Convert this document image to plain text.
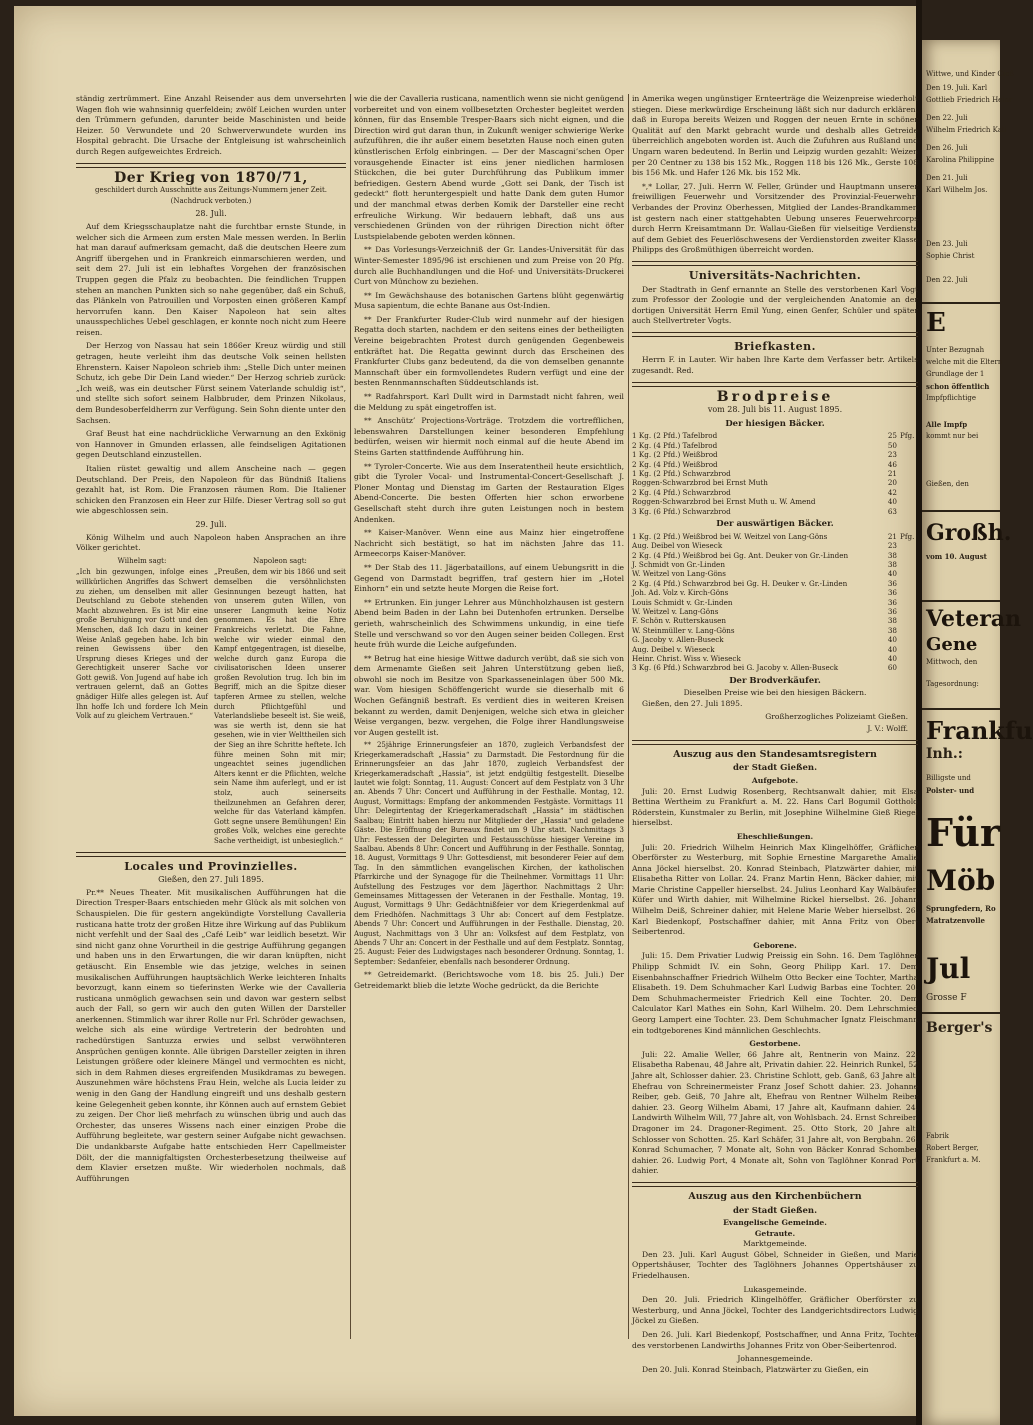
ständig zertrümmert. Eine Anzahl Reisender aus dem unversehrten Wagen floh wie wahnsinnig querfeldein; zwölf Leichen wurden unter den Trümmern gefunden, darunter beide Maschinisten und beide Heizer. 50 Verwundete und 20 Schwerverwundete wurden ins Hospital gebracht. Die Ursache der Entgleisung ist wahrscheinlich durch Regen aufgeweichtes Erdreich.

Der Krieg von 1870/71,
geschildert durch Ausschnitte aus Zeitungs-Nummern jener Zeit. (Nachdruck verboten.)
28. Juli.

Auf dem Kriegsschauplatze naht die furchtbar ernste Stunde, in welcher sich die Armeen zum ersten Male messen werden. In Berlin hat man darauf aufmerksam gemacht, daß die deutschen Heere zum Angriff übergehen und in Frankreich einmarschieren werden, und seit dem 27. Juli ist ein lebhaftes Vorgehen der französischen Truppen gegen die Pfalz zu beobachten. Die feindlichen Truppen stehen an manchen Punkten sich so nahe gegenüber, daß ein Schuß, das Plänkeln von Patrouillen und Vorposten einen größeren Kampf hervorrufen kann. Den Kaiser Napoleon hat sein altes unausspechliches Uebel geschlagen, er konnte noch nicht zum Heere reisen.

Der Herzog von Nassau hat sein 1866er Kreuz würdig und still getragen, heute verleiht ihm das deutsche Volk seinen hellsten Ehrenstern. Kaiser Napoleon schrieb ihm: „Stelle Dich unter meinen Schutz, ich gebe Dir Dein Land wieder.“ Der Herzog schrieb zurück: „Ich weiß, was ein deutscher Fürst seinem Vaterlande schuldig ist“, und stellte sich sofort seinem Halbbruder, dem Prinzen Nikolaus, dem Bundesoberfeldherrn zur Verfügung. Sein Sohn diente unter den Sachsen.

Graf Beust hat eine nachdrückliche Verwarnung an den Exkönig von Hannover in Gmunden erlassen, alle feindseligen Agitationen gegen Deutschland einzustellen.

Italien rüstet gewaltig und allem Anscheine nach — gegen Deutschland. Der Preis, den Napoleon für das Bündniß Italiens gezahlt hat, ist Rom. Die Franzosen räumen Rom. Die Italiener schicken den Franzosen ein Heer zur Hilfe. Dieser Vertrag soll so gut wie abgeschlossen sein.

29. Juli.

König Wilhelm und auch Napoleon haben Ansprachen an ihre Völker gerichtet.

Wilhelm sagt:
„Ich bin gezwungen, infolge eines willkürlichen Angriffes das Schwert zu ziehen, um denselben mit aller Deutschland zu Gebote stehenden Macht abzuwehren. Es ist Mir eine große Beruhigung vor Gott und den Menschen, daß Ich dazu in keiner Weise Anlaß gegeben habe. Ich bin reinen Gewissens über den Ursprung dieses Krieges und der Gerechtigkeit unserer Sache vor Gott gewiß. Von Jugend auf habe ich vertrauen gelernt, daß an Gottes gnädiger Hilfe alles gelegen ist. Auf Ihn hoffe Ich und fordere Ich Mein Volk auf zu gleichem Vertrauen.“
Napoleon sagt:
„Preußen, dem wir bis 1866 und seit demselben die versöhnlichsten Gesinnungen bezeugt hatten, hat von unserem guten Willen, von unserer Langmuth keine Notiz genommen. Es hat die Ehre Frankreichs verletzt. Die Fahne, welche wir wieder einmal den Kampf entgegentragen, ist dieselbe, welche durch ganz Europa die civilisatorischen Ideen unserer großen Revolution trug. Ich bin im Begriff, mich an die Spitze dieser tapferen Armee zu stellen, welche durch Pflichtgefühl und Vaterlandsliebe beseelt ist. Sie weiß, was sie werth ist, denn sie hat gesehen, wie in vier Welttheilen sich der Sieg an ihre Schritte heftete. Ich führe meinen Sohn mit mir; ungeachtet seines jugendlichen Alters kennt er die Pflichten, welche sein Name ihm auferlegt, und er ist stolz, auch seinerseits theilzunehmen an Gefahren derer, welche für das Vaterland kämpfen. Gott segne unsere Bemühungen! Ein großes Volk, welches eine gerechte Sache vertheidigt, ist unbesieglich.“
Locales und Provinzielles.
Gießen, den 27. Juli 1895.

Pr.** Neues Theater. Mit musikalischen Aufführungen hat die Direction Tresper-Baars entschieden mehr Glück als mit solchen von Schauspielen. Die für gestern angekündigte Vorstellung Cavalleria rusticana hatte trotz der großen Hitze ihre Wirkung auf das Publikum nicht verfehlt und der Saal des „Café Leib“ war leidlich besetzt. Wir sind nicht ganz ohne Vorurtheil in die gestrige Aufführung gegangen und haben uns in den Erwartungen, die wir daran knüpften, nicht getäuscht. Ein Ensemble wie das jetzige, welches in seinen musikalischen Aufführungen hauptsächlich Werke leichteren Inhalts bevorzugt, kann einem so tieferinsten Werke wie der Cavalleria rusticana unmöglich gewachsen sein und davon war gestern selbst auch der Fall, so gern wir auch den guten Willen der Darsteller anerkennen. Stimmlich war ihrer Rolle nur Frl. Schröder gewachsen, welche sich als eine würdige Vertreterin der bedrohten und rachedürstigen Santuzza erwies und selbst verwöhnteren Ansprüchen genügen konnte. Alle übrigen Darsteller zeigten in ihren Leistungen größere oder kleinere Mängel und vermochten es nicht, sich in dem Rahmen dieses ergreifenden Musikdramas zu bewegen. Auszunehmen wäre höchstens Frau Hein, welche als Lucia leider zu wenig in den Gang der Handlung eingreift und uns deshalb gestern keine Gelegenheit geben konnte, ihr Können auch auf ernstem Gebiet zu zeigen. Der Chor ließ mehrfach zu wünschen übrig und auch das Orchester, das unseres Wissens nach einer einzigen Probe die Aufführung begleitete, war gestern seiner Aufgabe nicht gewachsen. Die undankbarste Aufgabe hatte entschieden Herr Capellmeister Dölt, der die mannigfaltigsten Orchesterbesetzung theilweise auf dem Klavier ersetzen mußte. Wir wiederholen nochmals, daß Aufführungen

wie die der Cavalleria rusticana, namentlich wenn sie nicht genügend vorbereitet und von einem vollbesetzten Orchester begleitet werden können, für das Ensemble Tresper-Baars sich nicht eignen, und die Direction wird gut daran thun, in Zukunft weniger schwierige Werke aufzuführen, die ihr außer einem besetzten Hause noch einen guten künstlerischen Erfolg einbringen. — Der der Mascagni’schen Oper vorausgehende Einacter ist eins jener niedlichen harmlosen Stückchen, die bei guter Durchführung das Publikum immer befriedigen. Gestern Abend wurde „Gott sei Dank, der Tisch ist gedeckt“ flott heruntergespielt und hatte Dank dem guten Humor und der manchmal etwas derben Komik der Darsteller eine recht erfreuliche Wirkung. Wir bedauern lebhaft, daß uns aus verschiedenen Gründen von der rührigen Direction nicht öfter Lustspielabende geboten werden können.

** Das Vorlesungs-Verzeichniß der Gr. Landes-Universität für das Winter-Semester 1895/96 ist erschienen und zum Preise von 20 Pfg. durch alle Buchhandlungen und die Hof- und Universitäts-Druckerei Curt von Münchow zu beziehen.

** Im Gewächshause des botanischen Gartens blüht gegenwärtig Musa sapientum, die echte Banane aus Ost-Indien.

** Der Frankfurter Ruder-Club wird nunmehr auf der hiesigen Regatta doch starten, nachdem er den seitens eines der betheiligten Vereine beigebrachten Protest durch genügenden Gegenbeweis entkräftet hat. Die Regatta gewinnt durch das Erscheinen des Frankfurter Clubs ganz bedeutend, da die von demselben genannte Mannschaft über ein formvollendetes Rudern verfügt und eine der besten Rennmannschaften Süddeutschlands ist.

** Radfahrsport. Karl Dullt wird in Darmstadt nicht fahren, weil die Meldung zu spät eingetroffen ist.

** Anschütz’ Projections-Vorträge. Trotzdem die vortrefflichen, lebenswahren Darstellungen keiner besonderen Empfehlung bedürfen, weisen wir hiermit noch einmal auf die heute Abend im Steins Garten stattfindende Aufführung hin.

** Tyroler-Concerte. Wie aus dem Inseratentheil heute ersichtlich, gibt die Tyroler Vocal- und Instrumental-Concert-Gesellschaft J. Ploner Montag und Dienstag im Garten der Restauration Elges Abend-Concerte. Die besten Offerten hier schon erworbene Gesellschaft steht durch ihre guten Leistungen noch in bestem Andenken.

** Kaiser-Manöver. Wenn eine aus Mainz hier eingetroffene Nachricht sich bestätigt, so hat im nächsten Jahre das 11. Armeecorps Kaiser-Manöver.

** Der Stab des 11. Jägerbataillons, auf einem Uebungsritt in die Gegend von Darmstadt begriffen, traf gestern hier im „Hotel Einhorn“ ein und setzte heute Morgen die Reise fort.

** Ertrunken. Ein junger Lehrer aus Münchholzhausen ist gestern Abend beim Baden in der Lahn bei Dutenhofen ertrunken. Derselbe gerieth, wahrscheinlich des Schwimmens unkundig, in eine tiefe Stelle und verschwand so vor den Augen seiner beiden Collegen. Erst heute früh wurde die Leiche aufgefunden.

** Betrug hat eine hiesige Wittwe dadurch verübt, daß sie sich von dem Armenamte Gießen seit Jahren Unterstützung geben ließ, obwohl sie noch im Besitze von Sparkasseneinlagen über 500 Mk. war. Vom hiesigen Schöffengericht wurde sie dieserhalb mit 6 Wochen Gefängniß bestraft. Es verdient dies in weiteren Kreisen bekannt zu werden, damit Denjenigen, welche sich etwa in gleicher Weise vergangen, bezw. vergehen, die Folge ihrer Handlungsweise vor Augen gestellt ist.

** 25jährige Erinnerungsfeier an 1870, zugleich Verbandsfest der Kriegerkameradschaft „Hassia“ zu Darmstadt. Die Festordnung für die Erinnerungsfeier an das Jahr 1870, zugleich Verbandsfest der Kriegerkameradschaft „Hassia“, ist jetzt endgültig festgestellt. Dieselbe lautet wie folgt: Sonntag, 11. August: Concert auf dem Festplatz von 3 Uhr an. Abends 7 Uhr: Concert und Aufführung in der Festhalle. Montag, 12. August, Vormittags: Empfang der ankommenden Festgäste. Vormittags 11 Uhr: Delegirtentag der Kriegerkameradschaft „Hassia“ im städtischen Saalbau; Eintritt haben hierzu nur Mitglieder der „Hassia“ und geladene Gäste. Die Eröffnung der Bureaux findet um 9 Uhr statt. Nachmittags 3 Uhr: Festessen der Delegirten und Festausschüsse hiesiger Vereine im Saalbau. Abends 8 Uhr: Concert und Aufführung in der Festhalle. Sonntag, 18. August, Vormittags 9 Uhr: Gottesdienst, mit besonderer Feier auf dem Tag. In den sämmtlichen evangelischen Kirchen, der katholischen Pfarrkirche und der Synagoge für die Theilnehmer. Vormittags 11 Uhr: Aufstellung des Festzuges vor dem Jägerthor. Nachmittags 2 Uhr: Gemeinsames Mittagessen der Veteranen in der Festhalle. Montag, 19. August, Vormittags 9 Uhr: Gedächtnißfeier vor dem Kriegerdenkmal auf dem Friedhöfen. Nachmittags 3 Uhr ab: Concert auf dem Festplatze. Abends 7 Uhr: Concert und Aufführungen in der Festhalle. Dienstag, 20. August, Nachmittags von 3 Uhr an: Volksfest auf dem Festplatz, von Abends 7 Uhr an: Concert in der Festhalle und auf dem Festplatz. Sonntag, 25. August: Feier des Ludwigstages nach besonderer Ordnung. Sonntag, 1. September: Sedanfeier, ebenfalls nach besonderer Ordnung.

** Getreidemarkt. (Berichtswoche vom 18. bis 25. Juli.) Der Getreidemarkt blieb die letzte Woche gedrückt, da die Berichte

in Amerika wegen ungünstiger Ernteerträge die Weizenpreise wiederholt stiegen. Diese merkwürdige Erscheinung läßt sich nur dadurch erklären, daß in Europa bereits Weizen und Roggen der neuen Ernte in schöner Qualität auf den Markt gebracht wurde und deshalb alles Getreide überreichlich angeboten worden ist. Auch die Zufuhren aus Rußland und Ungarn waren bedeutend. In Berlin und Leipzig wurden gezahlt: Weizen per 20 Centner zu 138 bis 152 Mk., Roggen 118 bis 126 Mk., Gerste 108 bis 156 Mk. und Hafer 126 Mk. bis 152 Mk.

*,* Lollar, 27. Juli. Herrn W. Feller, Gründer und Hauptmann unserer freiwilligen Feuerwehr und Vorsitzender des Provinzial-Feuerwehr-Verbandes der Provinz Oberhessen, Mitglied der Landes-Brandkammer, ist gestern nach einer stattgehabten Uebung unseres Feuerwehrcorps durch Herrn Kreisamtmann Dr. Wallau-Gießen für vielseitige Verdienste auf dem Gebiet des Feuerlöschwesens der Verdienstorden zweiter Klasse Philipps des Großmüthigen überreicht worden.

Universitäts-Nachrichten.

Der Stadtrath in Genf ernannte an Stelle des verstorbenen Karl Vogt zum Professor der Zoologie und der vergleichenden Anatomie an der dortigen Universität Herrn Emil Yung, einen Genfer, Schüler und später auch Stellvertreter Vogts.

Briefkasten.

Herrn F. in Lauter. Wir haben Ihre Karte dem Verfasser betr. Artikels zugesandt. Red.

Brodpreise
vom 28. Juli bis 11. August 1895.
Der hiesigen Bäcker.
1 Kg. (2 Pfd.) Tafelbrod	25	Pfg.
2 Kg. (4 Pfd.) Tafelbrod	50	
1 Kg. (2 Pfd.) Weißbrod	23	
2 Kg. (4 Pfd.) Weißbrod	46	
1 Kg. (2 Pfd.) Schwarzbrod	21	
Roggen-Schwarzbrod bei Ernst Muth	20	
2 Kg. (4 Pfd.) Schwarzbrod	42	
Roggen-Schwarzbrod bei Ernst Muth u. W. Amend	40	
3 Kg. (6 Pfd.) Schwarzbrod	63	
Der auswärtigen Bäcker.
1 Kg. (2 Pfd.) Weißbrod bei W. Weitzel von Lang-Göns	21	Pfg.
Aug. Deibel von Wieseck	23	
2 Kg. (4 Pfd.) Weißbrod bei Gg. Ant. Deuker von Gr.-Linden	38	
J. Schmidt von Gr.-Linden	38	
W. Weitzel von Lang-Göns	40	
2 Kg. (4 Pfd.) Schwarzbrod bei Gg. H. Deuker v. Gr.-Linden	36	
Joh. Ad. Volz v. Kirch-Göns	36	
Louis Schmidt v. Gr.-Linden	36	
W. Weitzel v. Lang-Göns	36	
F. Schön v. Rutterskausen	38	
W. Steinmüller v. Lang-Göns	38	
G. Jacoby v. Allen-Buseck	40	
Aug. Deibel v. Wieseck	40	
Heinr. Christ. Wiss v. Wieseck	40	
3 Kg. (6 Pfd.) Schwarzbrod bei G. Jacoby v. Allen-Buseck	60	
Der Brodverkäufer.
Dieselben Preise wie bei den hiesigen Bäckern.
Gießen, den 27. Juli 1895.
Großherzogliches Polizeiamt Gießen.
J. V.: Wolff.
Auszug aus den Standesamtsregistern
der Stadt Gießen.
Aufgebote.

Juli: 20. Ernst Ludwig Rosenberg, Rechtsanwalt dahier, mit Elsa Bettina Wertheim zu Frankfurt a. M. 22. Hans Carl Bogumil Gotthold Röderstein, Kunstmaler zu Berlin, mit Josephine Wilhelmine Gieß Riegel hierselbst.

Eheschließungen.

Juli: 20. Friedrich Wilhelm Heinrich Max Klingelhöffer, Gräflicher Oberförster zu Westerburg, mit Sophie Ernestine Margarethe Amalie Anna Jöckel hierselbst. 20. Konrad Steinbach, Platzwärter dahier, mit Elisabetha Ritter von Lollar. 24. Franz Martin Henn, Bäcker dahier, mit Marie Christine Cappeller hierselbst. 24. Julius Leonhard Kay Walbäufer, Küfer und Wirth dahier, mit Wilhelmine Rickel hierselbst. 26. Johann Wilhelm Deiß, Schreiner dahier, mit Helene Marie Weber hierselbst. 26. Karl Biedenkopf, Postschaffner dahier, mit Anna Fritz von Ober-Seibertenrod.

Geborene.

Juli: 15. Dem Privatier Ludwig Preissig ein Sohn. 16. Dem Taglöhner Philipp Schmidt IV. ein Sohn, Georg Philipp Karl. 17. Dem Eisenbahnschaffner Friedrich Wilhelm Otto Becker eine Tochter, Martha Elisabeth. 19. Dem Schuhmacher Karl Ludwig Barbas eine Tochter. 20. Dem Schuhmachermeister Friedrich Kell eine Tochter. 20. Dem Calculator Karl Mathes ein Sohn, Karl Wilhelm. 20. Dem Lehrschmied Georg Lampert eine Tochter. 23. Dem Schuhmacher Ignatz Fleischmann ein todtgeborenes Kind männlichen Geschlechts.

Gestorbene.

Juli: 22. Amalie Weller, 66 Jahre alt, Rentnerin von Mainz. 22. Elisabetha Rabenau, 48 Jahre alt, Privatin dahier. 22. Heinrich Runkel, 52 Jahre alt, Schlosser dahier. 23. Christine Schlott, geb. Ganß, 63 Jahre alt, Ehefrau von Schreinermeister Franz Josef Schott dahier. 23. Johanne Reiber, geb. Geiß, 70 Jahre alt, Ehefrau von Rentner Wilhelm Reiber dahier. 23. Georg Wilhelm Abami, 17 Jahre alt, Kaufmann dahier. 24. Landwirth Wilhelm Will, 77 Jahre alt, von Wohlsbach. 24. Ernst Schreiber, Dragoner im 24. Dragoner-Regiment. 25. Otto Stork, 20 Jahre alt, Schlosser von Schotten. 25. Karl Schäfer, 31 Jahre alt, von Bergbahn. 26. Konrad Schumacher, 7 Monate alt, Sohn von Bäcker Konrad Schomber dahier. 26. Ludwig Port, 4 Monate alt, Sohn von Taglöhner Konrad Port dahier.

Auszug aus den Kirchenbüchern
der Stadt Gießen.
Evangelische Gemeinde.
Getraute.
Marktgemeinde.

Den 23. Juli. Karl August Göbel, Schneider in Gießen, und Marie Oppertshäuser, Tochter des Taglöhners Johannes Oppertshäuser zu Friedelhausen.

Lukasgemeinde.

Den 20. Juli. Friedrich Klingelhöffer, Gräflicher Oberförster zu Westerburg, und Anna Jöckel, Tochter des Landgerichtsdirectors Ludwig Jöckel zu Gießen.

Den 26. Juli. Karl Biedenkopf, Postschaffner, und Anna Fritz, Tochter des verstorbenen Landwirths Johannes Fritz von Ober-Seibertenrod.

Johannesgemeinde.

Den 20. Juli. Konrad Steinbach, Platzwärter zu Gießen, ein

Wittwe, und Kinder Gieß
Den 19. Juli. Karl
Gottlieb Friedrich Heinr
Den 22. Juli
Wilhelm Friedrich Kali
Den 26. Juli
Karolina Philippine
Den 21. Juli
Karl Wilhelm Jos.
Den 23. Juli
Sophie Christ
Den 22. Juli
E
Unter Bezugnah
welche mit die Eltern
Grundlage der 1
schon öffentlich
Impfpflichtige
Alle Impfp
kommt nur bei
Gießen, den
Großh.
vom 10. August
Veteran
Gene
Mittwoch, den
Tagesordnung:
Frankfu
Inh.:
Billigste und
Polster- und
Für
Möb
Sprungfedern, Ro
Matratzenvolle
Jul
Grosse F
Berger's
Fabrik
Robert Berger,
Frankfurt a. M.
